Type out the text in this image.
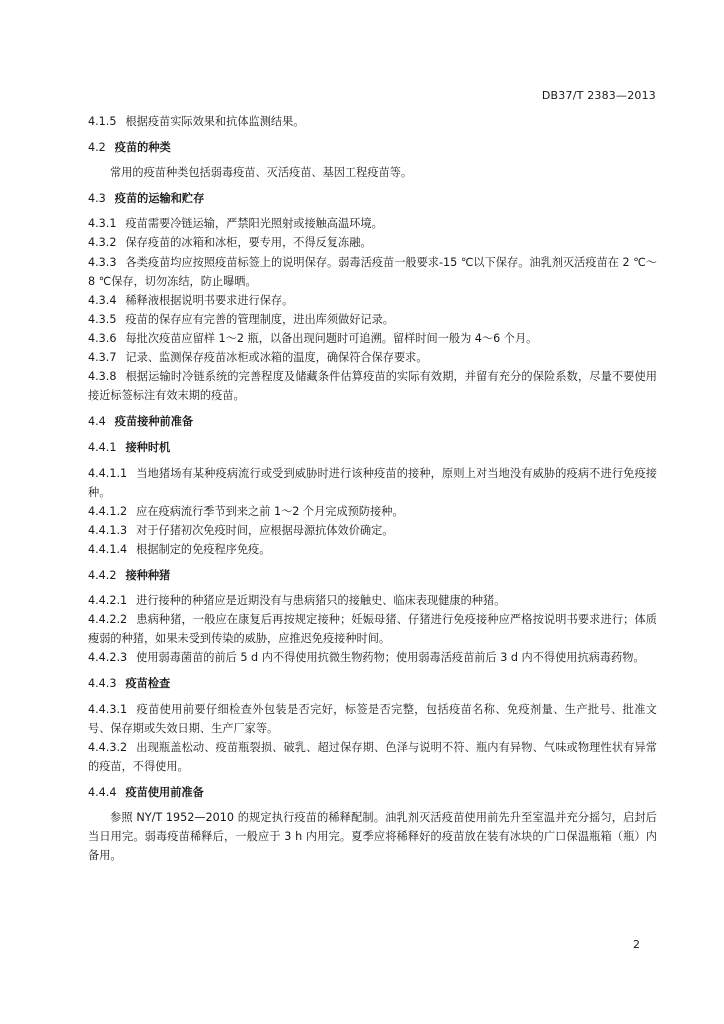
DB37/T 2383—2013

4.1.5 根据疫苗实际效果和抗体监测结果。

4.2 疫苗的种类

常用的疫苗种类包括弱毒疫苗、灭活疫苗、基因工程疫苗等。

4.3 疫苗的运输和贮存

4.3.1 疫苗需要冷链运输，严禁阳光照射或接触高温环境。

4.3.2 保存疫苗的冰箱和冰柜，要专用，不得反复冻融。

4.3.3 各类疫苗均应按照疫苗标签上的说明保存。弱毒活疫苗一般要求-15 ℃以下保存。油乳剂灭活疫苗在 2 ℃～8 ℃保存，切勿冻结，防止曝晒。

4.3.4 稀释液根据说明书要求进行保存。

4.3.5 疫苗的保存应有完善的管理制度，进出库须做好记录。

4.3.6 每批次疫苗应留样 1～2 瓶，以备出现问题时可追溯。留样时间一般为 4～6 个月。

4.3.7 记录、监测保存疫苗冰柜或冰箱的温度，确保符合保存要求。

4.3.8 根据运输时冷链系统的完善程度及储藏条件估算疫苗的实际有效期，并留有充分的保险系数，尽量不要使用接近标签标注有效末期的疫苗。

4.4 疫苗接种前准备

4.4.1 接种时机

4.4.1.1 当地猪场有某种疫病流行或受到威胁时进行该种疫苗的接种，原则上对当地没有威胁的疫病不进行免疫接种。

4.4.1.2 应在疫病流行季节到来之前 1～2 个月完成预防接种。

4.4.1.3 对于仔猪初次免疫时间，应根据母源抗体效价确定。

4.4.1.4 根据制定的免疫程序免疫。

4.4.2 接种种猪

4.4.2.1 进行接种的种猪应是近期没有与患病猪只的接触史、临床表现健康的种猪。

4.4.2.2 患病种猪，一般应在康复后再按规定接种；妊娠母猪、仔猪进行免疫接种应严格按说明书要求进行；体质瘦弱的种猪，如果未受到传染的威胁，应推迟免疫接种时间。

4.4.2.3 使用弱毒菌苗的前后 5 d 内不得使用抗微生物药物；使用弱毒活疫苗前后 3 d 内不得使用抗病毒药物。

4.4.3 疫苗检查

4.4.3.1 疫苗使用前要仔细检查外包装是否完好，标签是否完整，包括疫苗名称、免疫剂量、生产批号、批准文号、保存期或失效日期、生产厂家等。

4.4.3.2 出现瓶盖松动、疫苗瓶裂损、破乳、超过保存期、色泽与说明不符、瓶内有异物、气味或物理性状有异常的疫苗，不得使用。

4.4.4 疫苗使用前准备

参照 NY/T 1952—2010 的规定执行疫苗的稀释配制。油乳剂灭活疫苗使用前先升至室温并充分摇匀，启封后当日用完。弱毒疫苗稀释后，一般应于 3 h 内用完。夏季应将稀释好的疫苗放在装有冰块的广口保温瓶箱（瓶）内备用。

2
